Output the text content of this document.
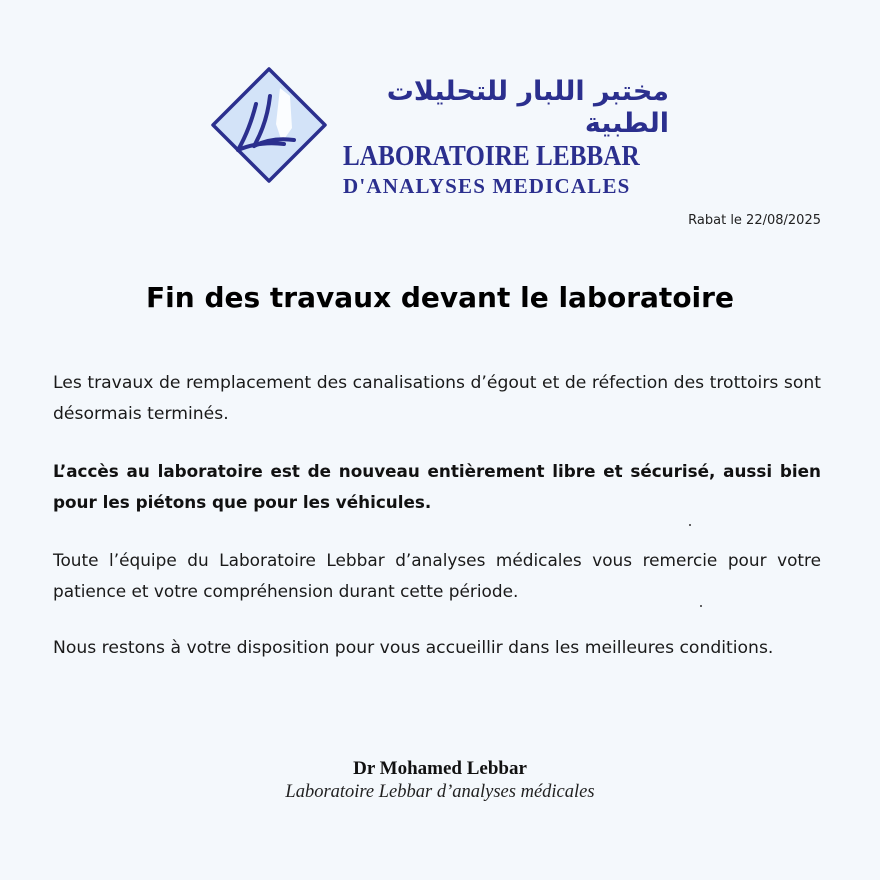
مختبر اللبار للتحليلات الطبية
LABORATOIRE LEBBAR
D'ANALYSES MEDICALES
Rabat le 22/08/2025
Fin des travaux devant le laboratoire

Les travaux de remplacement des canalisations d’égout et de réfection des trottoirs sont désormais terminés.

L’accès au laboratoire est de nouveau entièrement libre et sécurisé, aussi bien pour les piétons que pour les véhicules.

Toute l’équipe du Laboratoire Lebbar d’analyses médicales vous remercie pour votre patience et votre compréhension durant cette période.

Nous restons à votre disposition pour vous accueillir dans les meilleures conditions.

Dr Mohamed Lebbar
Laboratoire Lebbar d’analyses médicales
